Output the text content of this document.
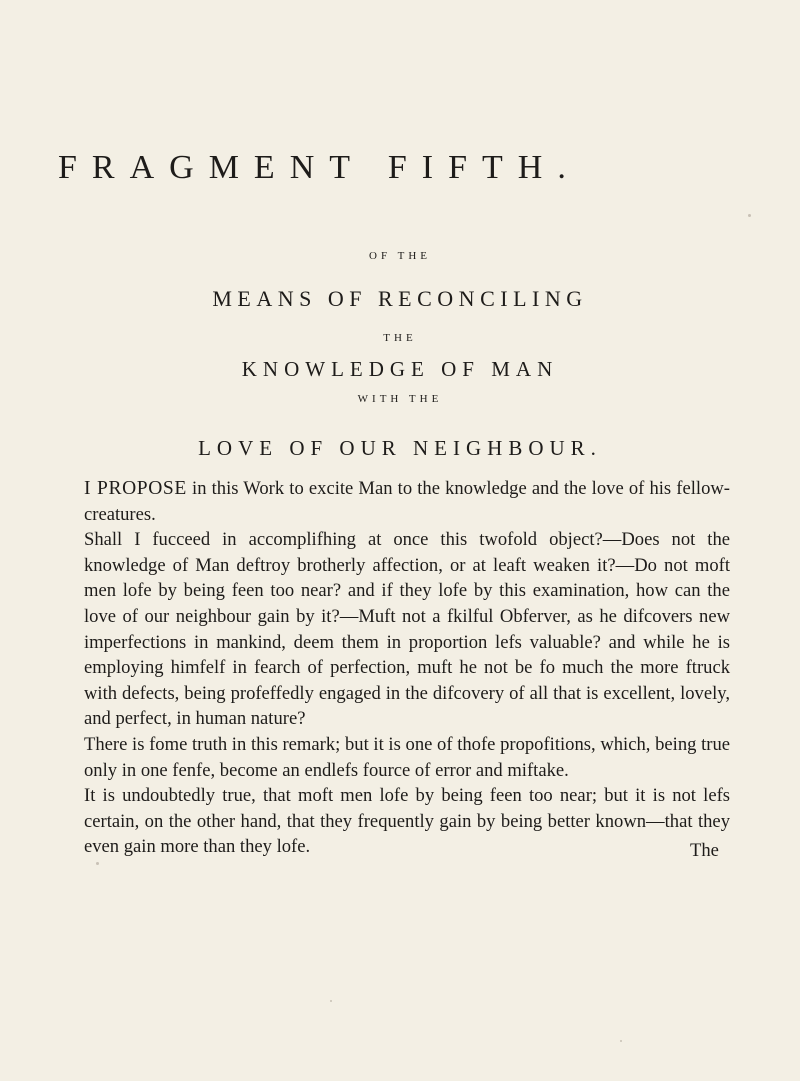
FRAGMENT FIFTH.
OF THE
MEANS OF RECONCILING
THE
KNOWLEDGE OF MAN
WITH THE
LOVE OF OUR NEIGHBOUR.

I PROPOSE in this Work to excite Man to the knowledge and the love of his fellow-creatures.

Shall I fucceed in accomplifhing at once this twofold object?—Does not the knowledge of Man deftroy brotherly affection, or at leaft weaken it?—Do not moft men lofe by being feen too near? and if they lofe by this examination, how can the love of our neighbour gain by it?—Muft not a fkilful Obferver, as he difcovers new imperfections in mankind, deem them in proportion lefs valuable? and while he is employing himfelf in fearch of perfection, muft he not be fo much the more ftruck with defects, being profeffedly engaged in the difcovery of all that is excellent, lovely, and perfect, in human nature?

There is fome truth in this remark; but it is one of thofe propofitions, which, being true only in one fenfe, become an endlefs fource of error and miftake.

It is undoubtedly true, that moft men lofe by being feen too near; but it is not lefs certain, on the other hand, that they frequently gain by being better known—that they even gain more than they lofe.	The
